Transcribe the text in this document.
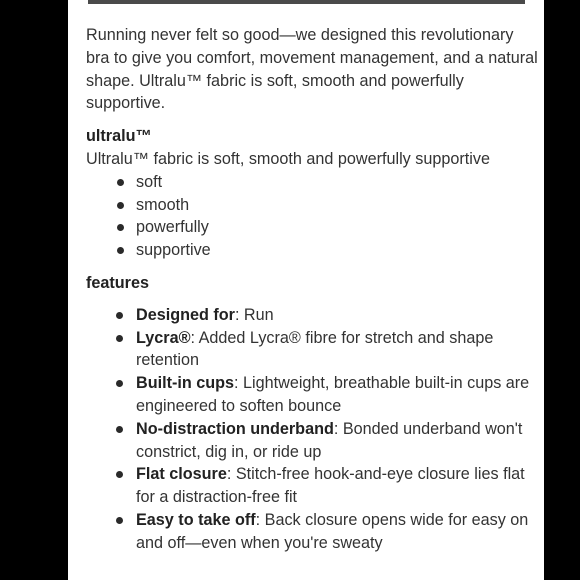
Running never felt so good—we designed this revolutionary bra to give you comfort, movement management, and a natural shape. Ultralu™ fabric is soft, smooth and powerfully supportive.

ultralu™

Ultralu™ fabric is soft, smooth and powerfully supportive

soft
smooth
powerfully
supportive
features
Designed for: Run
Lycra®: Added Lycra® fibre for stretch and shape retention
Built-in cups: Lightweight, breathable built-in cups are engineered to soften bounce
No-distraction underband: Bonded underband won't constrict, dig in, or ride up
Flat closure: Stitch-free hook-and-eye closure lies flat for a distraction-free fit
Easy to take off: Back closure opens wide for easy on and off—even when you're sweaty
